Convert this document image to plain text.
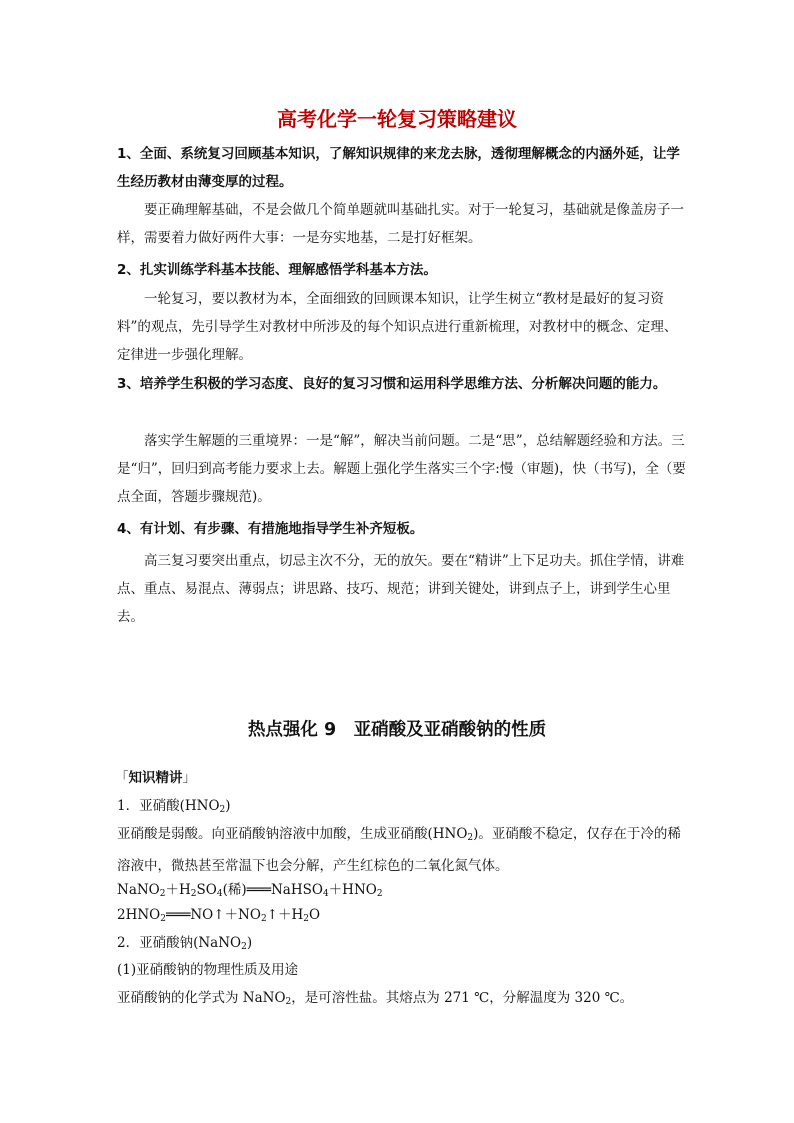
高考化学一轮复习策略建议
1、全面、系统复习回顾基本知识，了解知识规律的来龙去脉，透彻理解概念的内涵外延，让学生经历教材由薄变厚的过程。
要正确理解基础，不是会做几个简单题就叫基础扎实。对于一轮复习，基础就是像盖房子一样，需要着力做好两件大事：一是夯实地基，二是打好框架。
2、扎实训练学科基本技能、理解感悟学科基本方法。
一轮复习，要以教材为本，全面细致的回顾课本知识，让学生树立“教材是最好的复习资料”的观点，先引导学生对教材中所涉及的每个知识点进行重新梳理，对教材中的概念、定理、定律进一步强化理解。
3、培养学生积极的学习态度、良好的复习习惯和运用科学思维方法、分析解决问题的能力。
落实学生解题的三重境界：一是“解”，解决当前问题。二是“思”，总结解题经验和方法。三是“归”，回归到高考能力要求上去。解题上强化学生落实三个字:慢（审题)，快（书写)，全（要点全面，答题步骤规范)。
4、有计划、有步骤、有措施地指导学生补齐短板。
高三复习要突出重点，切忌主次不分，无的放矢。要在“精讲”上下足功夫。抓住学情，讲难点、重点、易混点、薄弱点；讲思路、技巧、规范；讲到关键处，讲到点子上，讲到学生心里去。
热点强化 9　亚硝酸及亚硝酸钠的性质
「知识精讲」
1．亚硝酸$(HNO_2)$
亚硝酸是弱酸。向亚硝酸钠溶液中加酸，生成亚硝酸$(HNO_2)$。亚硝酸不稳定，仅存在于冷的稀溶液中，微热甚至常温下也会分解，产生红棕色的二氧化氮气体。
$NaNO_2+H_2SO_4$(稀)$═══NaHSO_4+HNO_2$
$2HNO_2═══NO↑+NO_2↑+H_2O$
2．亚硝酸钠(NaNO$_2$)
(1)亚硝酸钠的物理性质及用途
亚硝酸钠的化学式为 NaNO$_2$，是可溶性盐。其熔点为 271 ℃，分解温度为 320 ℃。
